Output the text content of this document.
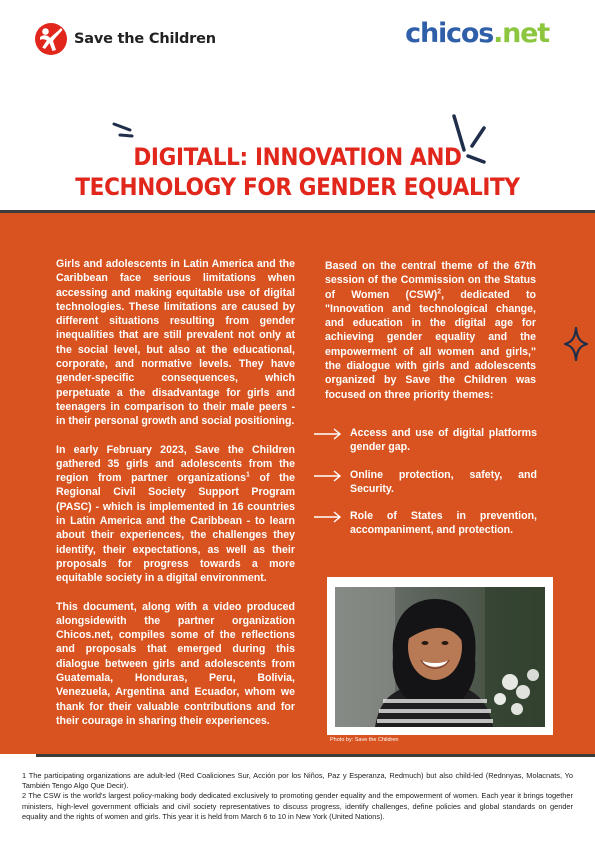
Save the Children	chicos.net
DIGITALL: INNOVATION AND
TECHNOLOGY FOR GENDER EQUALITY

Girls and adolescents in Latin America and the Caribbean face serious limitations when accessing and making equitable use of digital technologies. These limitations are caused by different situations resulting from gender inequalities that are still prevalent not only at the social level, but also at the educational, corporate, and normative levels. They have gender-specific consequences, which perpetuate a the disadvantage for girls and teenagers in comparison to their male peers - in their personal growth and social positioning.

In early February 2023, Save the Children gathered 35 girls and adolescents from the region from partner organizations$^1$ of the Regional Civil Society Support Program (PASC) - which is implemented in 16 countries in Latin America and the Caribbean - to learn about their experiences, the challenges they identify, their expectations, as well as their proposals for progress towards a more equitable society in a digital environment.

This document, along with a video produced alongsidewith the partner organization Chicos.net, compiles some of the reflections and proposals that emerged during this dialogue between girls and adolescents from Guatemala, Honduras, Peru, Bolivia, Venezuela, Argentina and Ecuador, whom we thank for their valuable contributions and for their courage in sharing their experiences.

Based on the central theme of the 67th session of the Commission on the Status of Women (CSW)$^2$, dedicated to "Innovation and technological change, and education in the digital age for achieving gender equality and the empowerment of all women and girls," the dialogue with girls and adolescents organized by Save the Children was focused on three priority themes:

Access and use of digital platforms gender gap.
Online protection, safety, and Security.
Role of States in prevention, accompaniment, and protection.
Photo by: Save the Children

1 The participating organizations are adult-led (Red Coaliciones Sur, Acción por los Niños, Paz y Esperanza, Redmuch) but also child-led (Rednnyas, Molacnats, Yo También Tengo Algo Que Decir).

2 The CSW is the world's largest policy-making body dedicated exclusively to promoting gender equality and the empowerment of women. Each year it brings together ministers, high-level government officials and civil society representatives to discuss progress, identify challenges, define policies and global standards on gender equality and the rights of women and girls. This year it is held from March 6 to 10 in New York (United Nations).
